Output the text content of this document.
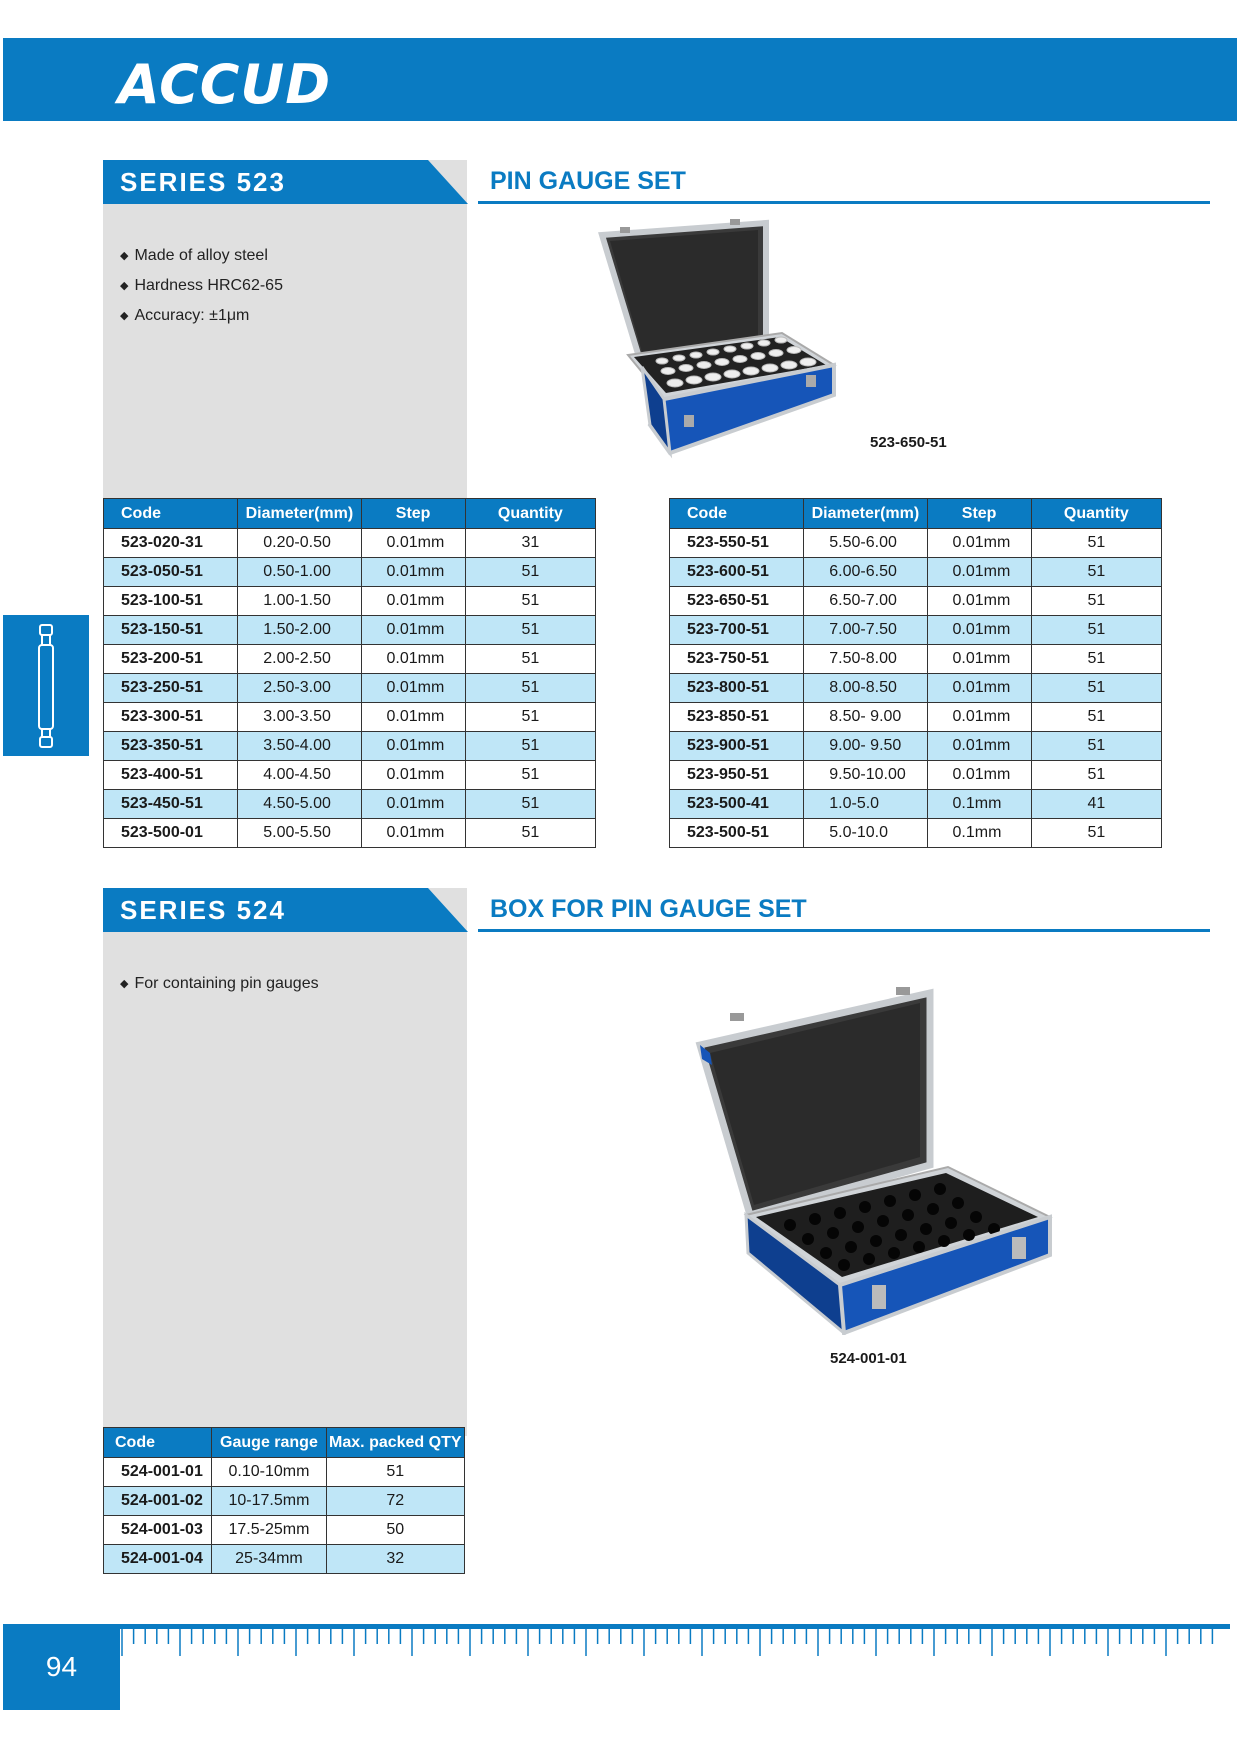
ACCUD
SERIES 523	PIN GAUGE SET
◆ Made of alloy steel
◆ Hardness HRC62-65
◆ Accuracy: ±1μm
523-650-51
Code	Diameter(mm)	Step	Quantity
523-020-31	0.20-0.50	0.01mm	31
523-050-51	0.50-1.00	0.01mm	51
523-100-51	1.00-1.50	0.01mm	51
523-150-51	1.50-2.00	0.01mm	51
523-200-51	2.00-2.50	0.01mm	51
523-250-51	2.50-3.00	0.01mm	51
523-300-51	3.00-3.50	0.01mm	51
523-350-51	3.50-4.00	0.01mm	51
523-400-51	4.00-4.50	0.01mm	51
523-450-51	4.50-5.00	0.01mm	51
523-500-01	5.00-5.50	0.01mm	51
Code	Diameter(mm)	Step	Quantity
523-550-51	5.50-6.00	0.01mm	51
523-600-51	6.00-6.50	0.01mm	51
523-650-51	6.50-7.00	0.01mm	51
523-700-51	7.00-7.50	0.01mm	51
523-750-51	7.50-8.00	0.01mm	51
523-800-51	8.00-8.50	0.01mm	51
523-850-51	8.50- 9.00	0.01mm	51
523-900-51	9.00- 9.50	0.01mm	51
523-950-51	9.50-10.00	0.01mm	51
523-500-41	1.0-5.0	0.1mm	41
523-500-51	5.0-10.0	0.1mm	51
SERIES 524	BOX FOR PIN GAUGE SET
◆ For containing pin gauges
524-001-01
Code	Gauge range	Max. packed QTY
524-001-01	0.10-10mm	51
524-001-02	10-17.5mm	72
524-001-03	17.5-25mm	50
524-001-04	25-34mm	32
94
